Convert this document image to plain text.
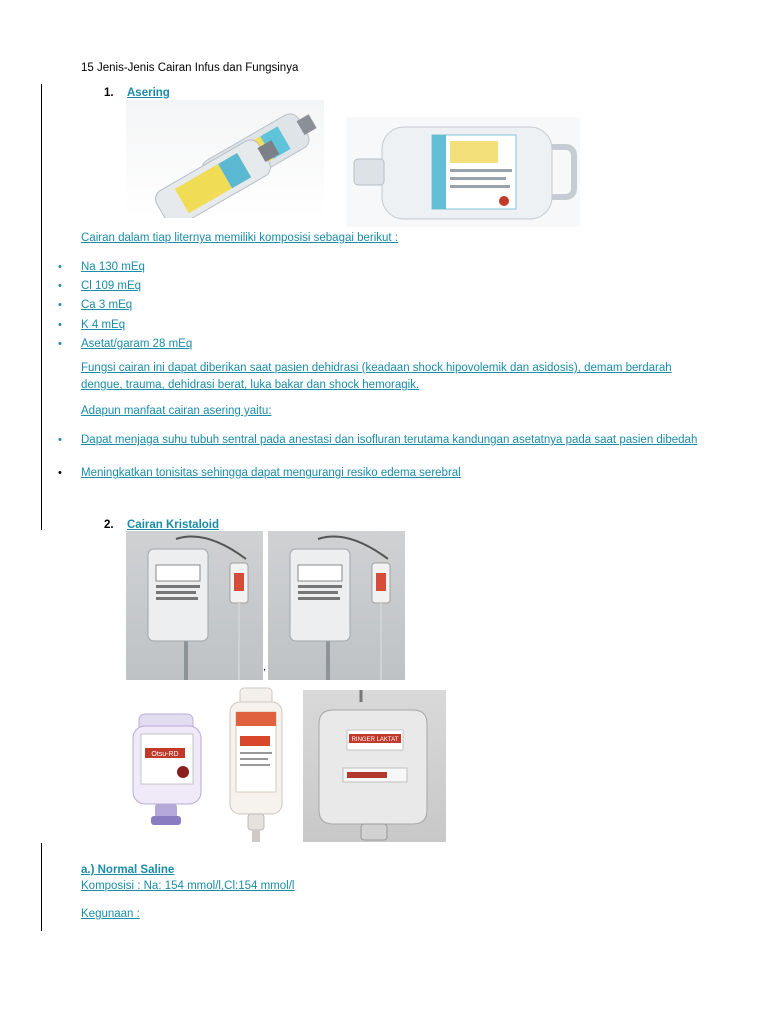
15 Jenis-Jenis Cairan Infus dan Fungsinya
1. Asering
Cairan dalam tiap liternya memiliki komposisi sebagai berikut :
• Na 130 mEq
• Cl 109 mEq
• Ca 3 mEq
• K 4 mEq
• Asetat/garam 28 mEq
Fungsi cairan ini dapat diberikan saat pasien dehidrasi (keadaan shock hipovolemik dan asidosis), demam berdarah dengue, trauma, dehidrasi berat, luka bakar dan shock hemoragik.
Adapun manfaat cairan asering yaitu:
• Dapat menjaga suhu tubuh sentral pada anestasi dan isofluran terutama kandungan asetatnya pada saat pasien dibedah
• Meningkatkan tonisitas sehingga dapat mengurangi resiko edema serebral
2. Cairan Kristaloid
,
Otsu-RD
RINGER LAKTAT
a.) Normal Saline
Komposisi : Na: 154 mmol/l,Cl:154 mmol/l
Kegunaan :
